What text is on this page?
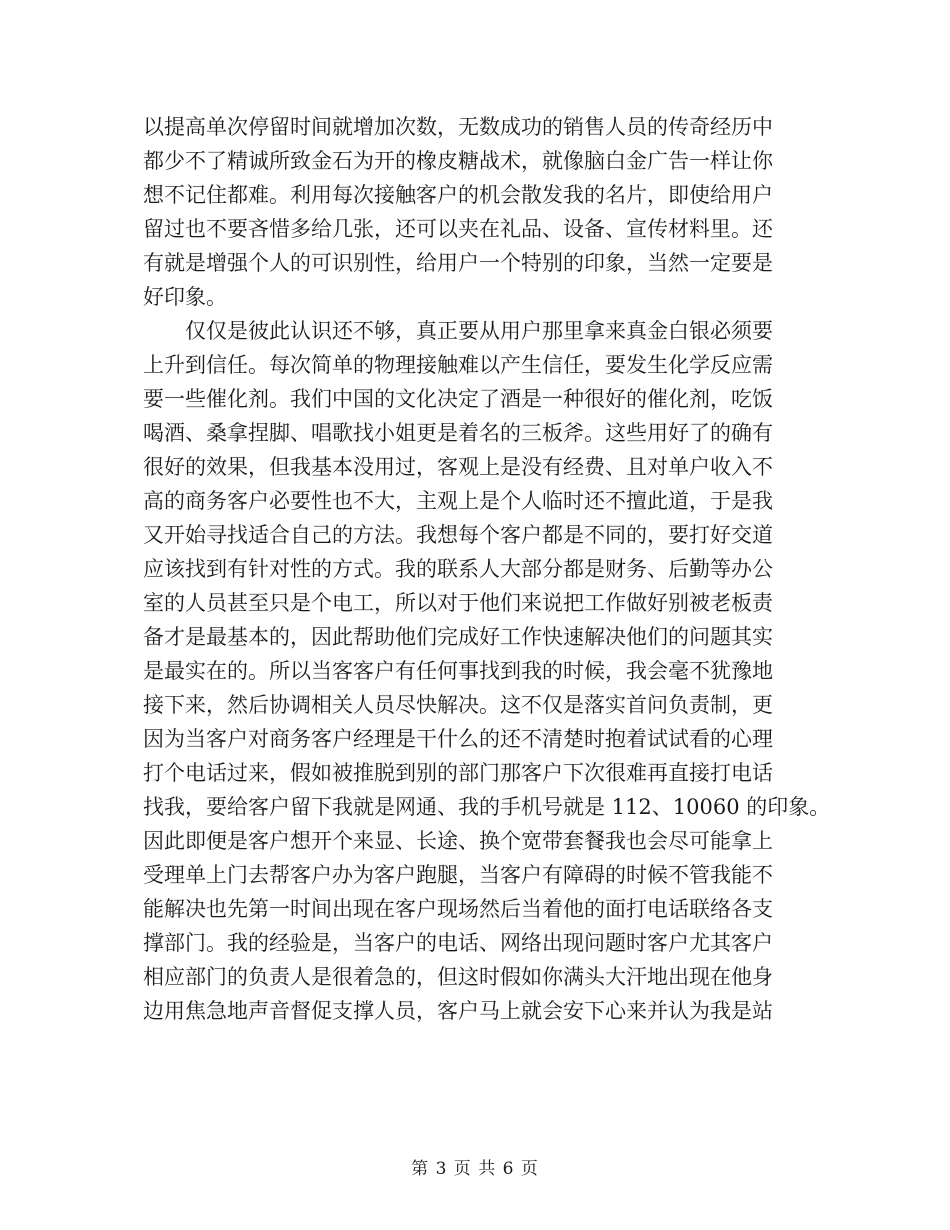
以提高单次停留时间就增加次数，无数成功的销售人员的传奇经历中
都少不了精诚所致金石为开的橡皮糖战术，就像脑白金广告一样让你
想不记住都难。利用每次接触客户的机会散发我的名片，即使给用户
留过也不要吝惜多给几张，还可以夹在礼品、设备、宣传材料里。还
有就是增强个人的可识别性，给用户一个特别的印象，当然一定要是
好印象。
仅仅是彼此认识还不够，真正要从用户那里拿来真金白银必须要
上升到信任。每次简单的物理接触难以产生信任，要发生化学反应需
要一些催化剂。我们中国的文化决定了酒是一种很好的催化剂，吃饭
喝酒、桑拿捏脚、唱歌找小姐更是着名的三板斧。这些用好了的确有
很好的效果，但我基本没用过，客观上是没有经费、且对单户收入不
高的商务客户必要性也不大，主观上是个人临时还不擅此道，于是我
又开始寻找适合自己的方法。我想每个客户都是不同的，要打好交道
应该找到有针对性的方式。我的联系人大部分都是财务、后勤等办公
室的人员甚至只是个电工，所以对于他们来说把工作做好别被老板责
备才是最基本的，因此帮助他们完成好工作快速解决他们的问题其实
是最实在的。所以当客客户有任何事找到我的时候，我会毫不犹豫地
接下来，然后协调相关人员尽快解决。这不仅是落实首问负责制，更
因为当客户对商务客户经理是干什么的还不清楚时抱着试试看的心理
打个电话过来，假如被推脱到别的部门那客户下次很难再直接打电话
找我，要给客户留下我就是网通、我的手机号就是 112、10060 的印象。
因此即便是客户想开个来显、长途、换个宽带套餐我也会尽可能拿上
受理单上门去帮客户办为客户跑腿，当客户有障碍的时候不管我能不
能解决也先第一时间出现在客户现场然后当着他的面打电话联络各支
撑部门。我的经验是，当客户的电话、网络出现问题时客户尤其客户
相应部门的负责人是很着急的，但这时假如你满头大汗地出现在他身
边用焦急地声音督促支撑人员，客户马上就会安下心来并认为我是站
第 3 页 共 6 页
